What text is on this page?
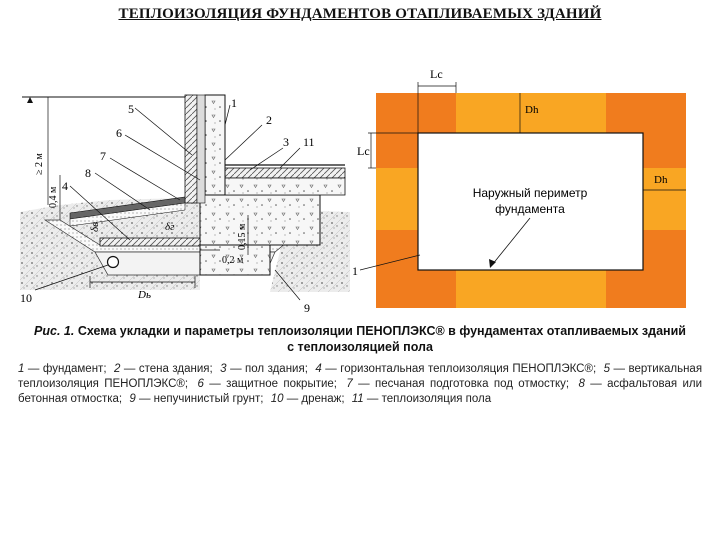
ТЕПЛОИЗОЛЯЦИЯ ФУНДАМЕНТОВ ОТАПЛИВАЕМЫХ ЗДАНИЙ
5	1
2
3 11
6
7
8
4
10
9
≥ 2 м
0,4 м
δв	δг	0,15 м
0,2 м
Dь
Lс
Dh
Lс
Dh
Наружный периметр
фундамента
1
Рис. 1. Схема укладки и параметры теплоизоляции ПЕНОПЛЭКС® в фундаментах отапливаемых зданий
с теплоизоляцией пола
1 — фундамент; 2 — стена здания; 3 — пол здания; 4 — горизонтальная теплоизоляция ПЕНОПЛЭКС®; 5 — вертикальная теплоизоляция ПЕНОПЛЭКС®; 6 — защитное покрытие; 7 — песчаная подготовка под отмостку; 8 — асфальтовая или бетонная отмостка; 9 — непучинистый грунт; 10 — дренаж; 11 — теплоизоляция пола
